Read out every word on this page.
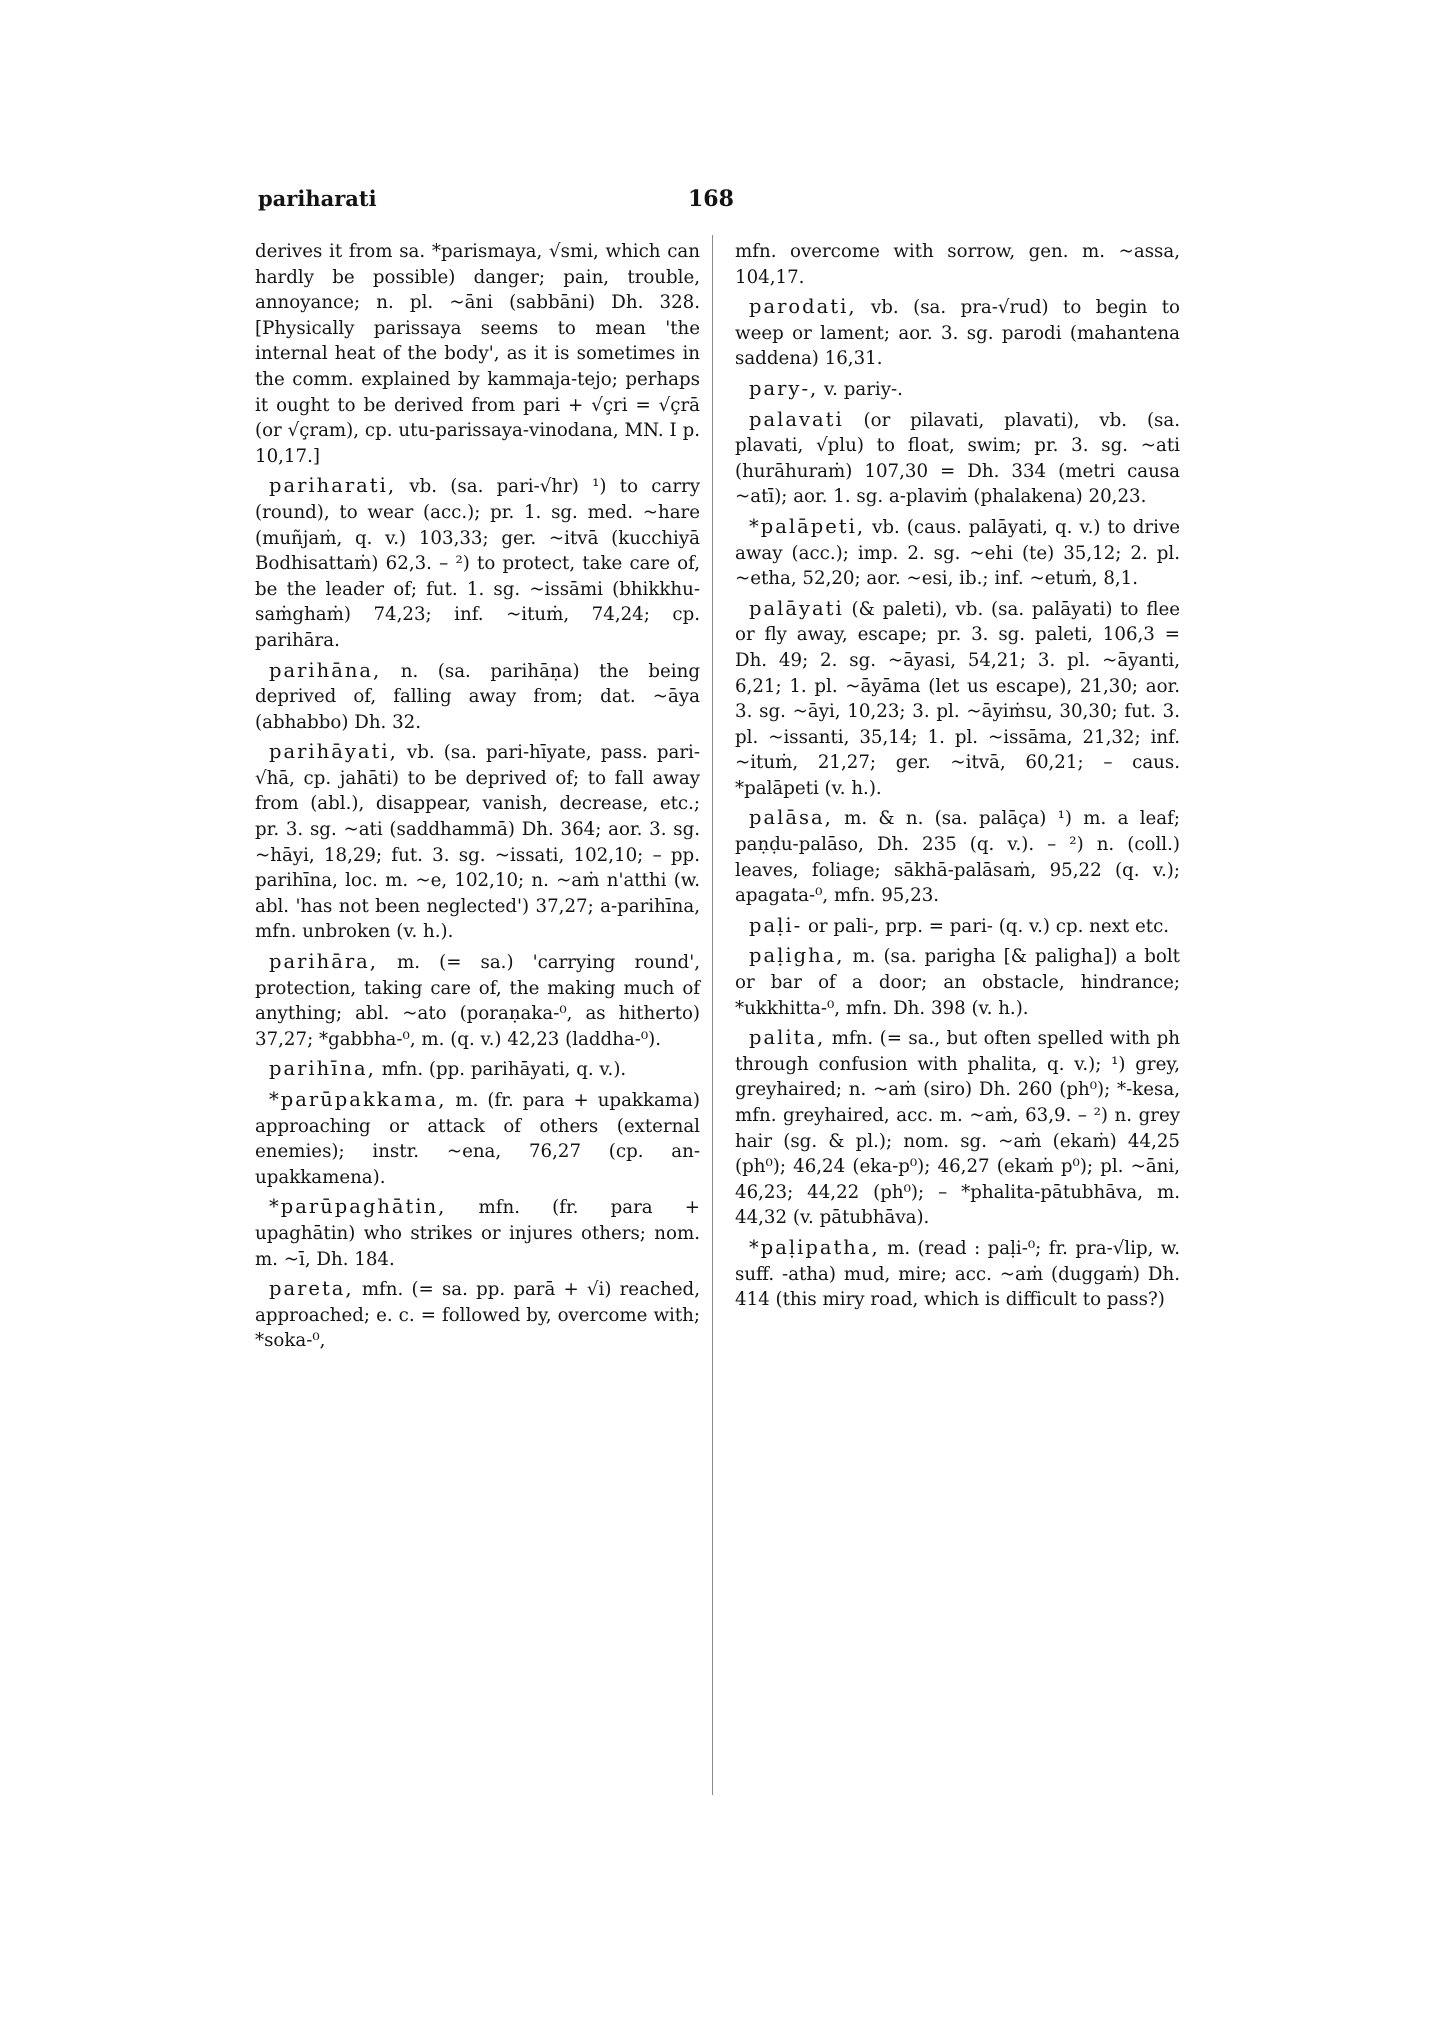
pariharati	168

derives it from sa. *parismaya, √smi, which can hardly be possible) danger; pain, trouble, annoyance; n. pl. ~āni (sabbāni) Dh. 328. [Physically parissaya seems to mean 'the internal heat of the body', as it is sometimes in the comm. explained by kammaja-tejo; perhaps it ought to be derived from pari + √çri = √çrā (or √çram), cp. utu-parissaya-vinodana, MN. I p. 10,17.]

pariharati, vb. (sa. pari-√hr) ¹) to carry (round), to wear (acc.); pr. 1. sg. med. ~hare (muñjaṁ, q. v.) 103,33; ger. ~itvā (kucchiyā Bodhisattaṁ) 62,3. – ²) to protect, take care of, be the leader of; fut. 1. sg. ~issāmi (bhikkhu-saṁghaṁ) 74,23; inf. ~ituṁ, 74,24; cp. parihāra.

parihāna, n. (sa. parihāṇa) the being deprived of, falling away from; dat. ~āya (abhabbo) Dh. 32.

parihāyati, vb. (sa. pari-hīyate, pass. pari-√hā, cp. jahāti) to be deprived of; to fall away from (abl.), disappear, vanish, decrease, etc.; pr. 3. sg. ~ati (saddhammā) Dh. 364; aor. 3. sg. ~hāyi, 18,29; fut. 3. sg. ~issati, 102,10; – pp. parihīna, loc. m. ~e, 102,10; n. ~aṁ n'atthi (w. abl. 'has not been neglected') 37,27; a-parihīna, mfn. unbroken (v. h.).

parihāra, m. (= sa.) 'carrying round', protection, taking care of, the making much of anything; abl. ~ato (poraṇaka-⁰, as hitherto) 37,27; *gabbha-⁰, m. (q. v.) 42,23 (laddha-⁰).

parihīna, mfn. (pp. parihāyati, q. v.).

*parūpakkama, m. (fr. para + upakkama) approaching or attack of others (external enemies); instr. ~ena, 76,27 (cp. an-upakkamena).

*parūpaghātin, mfn. (fr. para + upaghātin) who strikes or injures others; nom. m. ~ī, Dh. 184.

pareta, mfn. (= sa. pp. parā + √i) reached, approached; e. c. = followed by, overcome with; *soka-⁰,

mfn. overcome with sorrow, gen. m. ~assa, 104,17.

parodati, vb. (sa. pra-√rud) to begin to weep or lament; aor. 3. sg. parodi (mahantena saddena) 16,31.

pary-, v. pariy-.

palavati (or pilavati, plavati), vb. (sa. plavati, √plu) to float, swim; pr. 3. sg. ~ati (hurāhuraṁ) 107,30 = Dh. 334 (metri causa ~atī); aor. 1. sg. a-plaviṁ (phalakena) 20,23.

*palāpeti, vb. (caus. palāyati, q. v.) to drive away (acc.); imp. 2. sg. ~ehi (te) 35,12; 2. pl. ~etha, 52,20; aor. ~esi, ib.; inf. ~etuṁ, 8,1.

palāyati (& paleti), vb. (sa. palāyati) to flee or fly away, escape; pr. 3. sg. paleti, 106,3 = Dh. 49; 2. sg. ~āyasi, 54,21; 3. pl. ~āyanti, 6,21; 1. pl. ~āyāma (let us escape), 21,30; aor. 3. sg. ~āyi, 10,23; 3. pl. ~āyiṁsu, 30,30; fut. 3. pl. ~issanti, 35,14; 1. pl. ~issāma, 21,32; inf. ~ituṁ, 21,27; ger. ~itvā, 60,21; – caus. *palāpeti (v. h.).

palāsa, m. & n. (sa. palāça) ¹) m. a leaf; paṇḍu-palāso, Dh. 235 (q. v.). – ²) n. (coll.) leaves, foliage; sākhā-palāsaṁ, 95,22 (q. v.); apagata-⁰, mfn. 95,23.

paḷi- or pali-, prp. = pari- (q. v.) cp. next etc.

paḷigha, m. (sa. parigha [& paligha]) a bolt or bar of a door; an obstacle, hindrance; *ukkhitta-⁰, mfn. Dh. 398 (v. h.).

palita, mfn. (= sa., but often spelled with ph through confusion with phalita, q. v.); ¹) grey, greyhaired; n. ~aṁ (siro) Dh. 260 (ph⁰); *-kesa, mfn. greyhaired, acc. m. ~aṁ, 63,9. – ²) n. grey hair (sg. & pl.); nom. sg. ~aṁ (ekaṁ) 44,25 (ph⁰); 46,24 (eka-p⁰); 46,27 (ekaṁ p⁰); pl. ~āni, 46,23; 44,22 (ph⁰); – *phalita-pātubhāva, m. 44,32 (v. pātubhāva).

*paḷipatha, m. (read : paḷi-⁰; fr. pra-√lip, w. suff. -atha) mud, mire; acc. ~aṁ (duggaṁ) Dh. 414 (this miry road, which is difficult to pass?)
